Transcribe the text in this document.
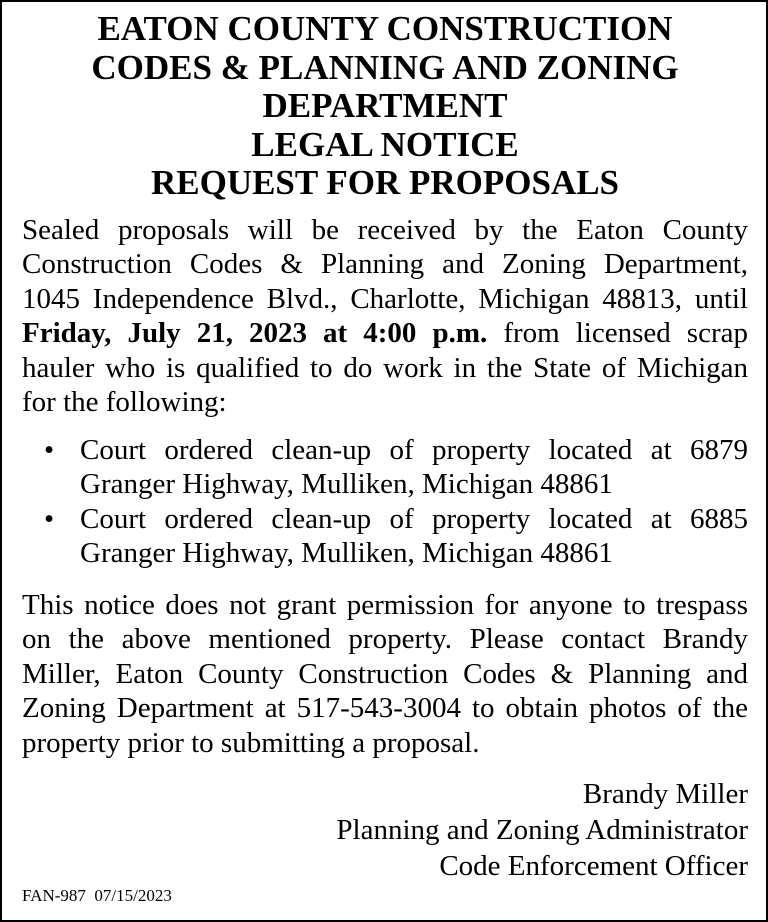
EATON COUNTY CONSTRUCTION
CODES & PLANNING AND ZONING
DEPARTMENT
LEGAL NOTICE
REQUEST FOR PROPOSALS

Sealed proposals will be received by the Eaton County Construction Codes & Planning and Zoning Department, 1045 Independence Blvd., Charlotte, Michigan 48813, until Friday, July 21, 2023 at 4:00 p.m. from licensed scrap hauler who is qualified to do work in the State of Michigan for the following:

• Court ordered clean-up of property located at 6879 Granger Highway, Mulliken, Michigan 48861
• Court ordered clean-up of property located at 6885 Granger Highway, Mulliken, Michigan 48861

This notice does not grant permission for anyone to trespass on the above mentioned property. Please contact Brandy Miller, Eaton County Construction Codes & Planning and Zoning Department at 517-543-3004 to obtain photos of the property prior to submitting a proposal.

Brandy Miller
Planning and Zoning Administrator
Code Enforcement Officer
FAN-987  07/15/2023
